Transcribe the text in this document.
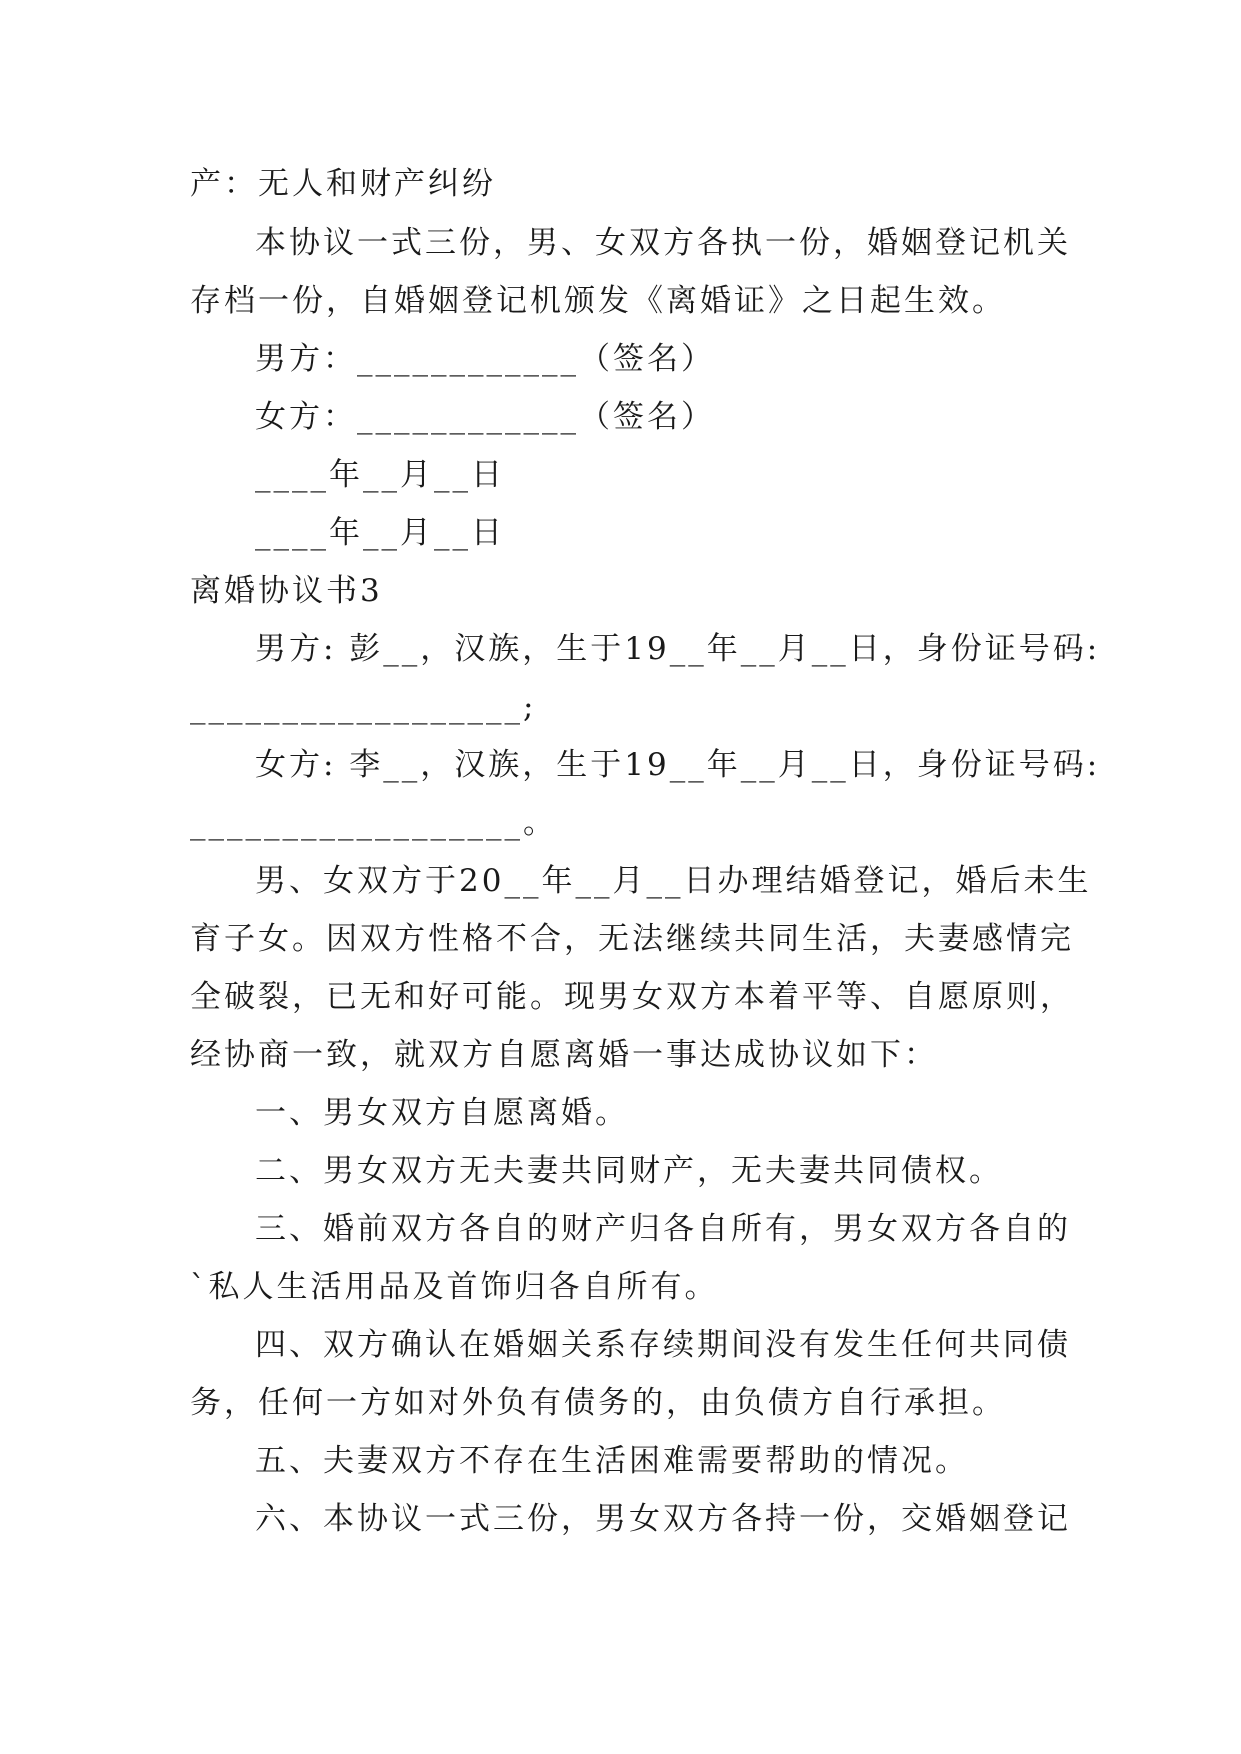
产：无人和财产纠纷
本协议一式三份，男、女双方各执一份，婚姻登记机关
存档一份，自婚姻登记机颁发《离婚证》之日起生效。
男方：____________（签名）
女方：____________（签名）
____年__月__日
____年__月__日
离婚协议书3
男方: 彭__，汉族，生于19__年__月__日，身份证号码:
__________________;
女方: 李__，汉族，生于19__年__月__日，身份证号码:
__________________。
男、女双方于20__年__月__日办理结婚登记，婚后未生
育子女。因双方性格不合，无法继续共同生活，夫妻感情完
全破裂，已无和好可能。现男女双方本着平等、自愿原则，
经协商一致，就双方自愿离婚一事达成协议如下：
一、男女双方自愿离婚。
二、男女双方无夫妻共同财产，无夫妻共同债权。
三、婚前双方各自的财产归各自所有，男女双方各自的
`私人生活用品及首饰归各自所有。
四、双方确认在婚姻关系存续期间没有发生任何共同债
务，任何一方如对外负有债务的，由负债方自行承担。
五、夫妻双方不存在生活困难需要帮助的情况。
六、本协议一式三份，男女双方各持一份，交婚姻登记
